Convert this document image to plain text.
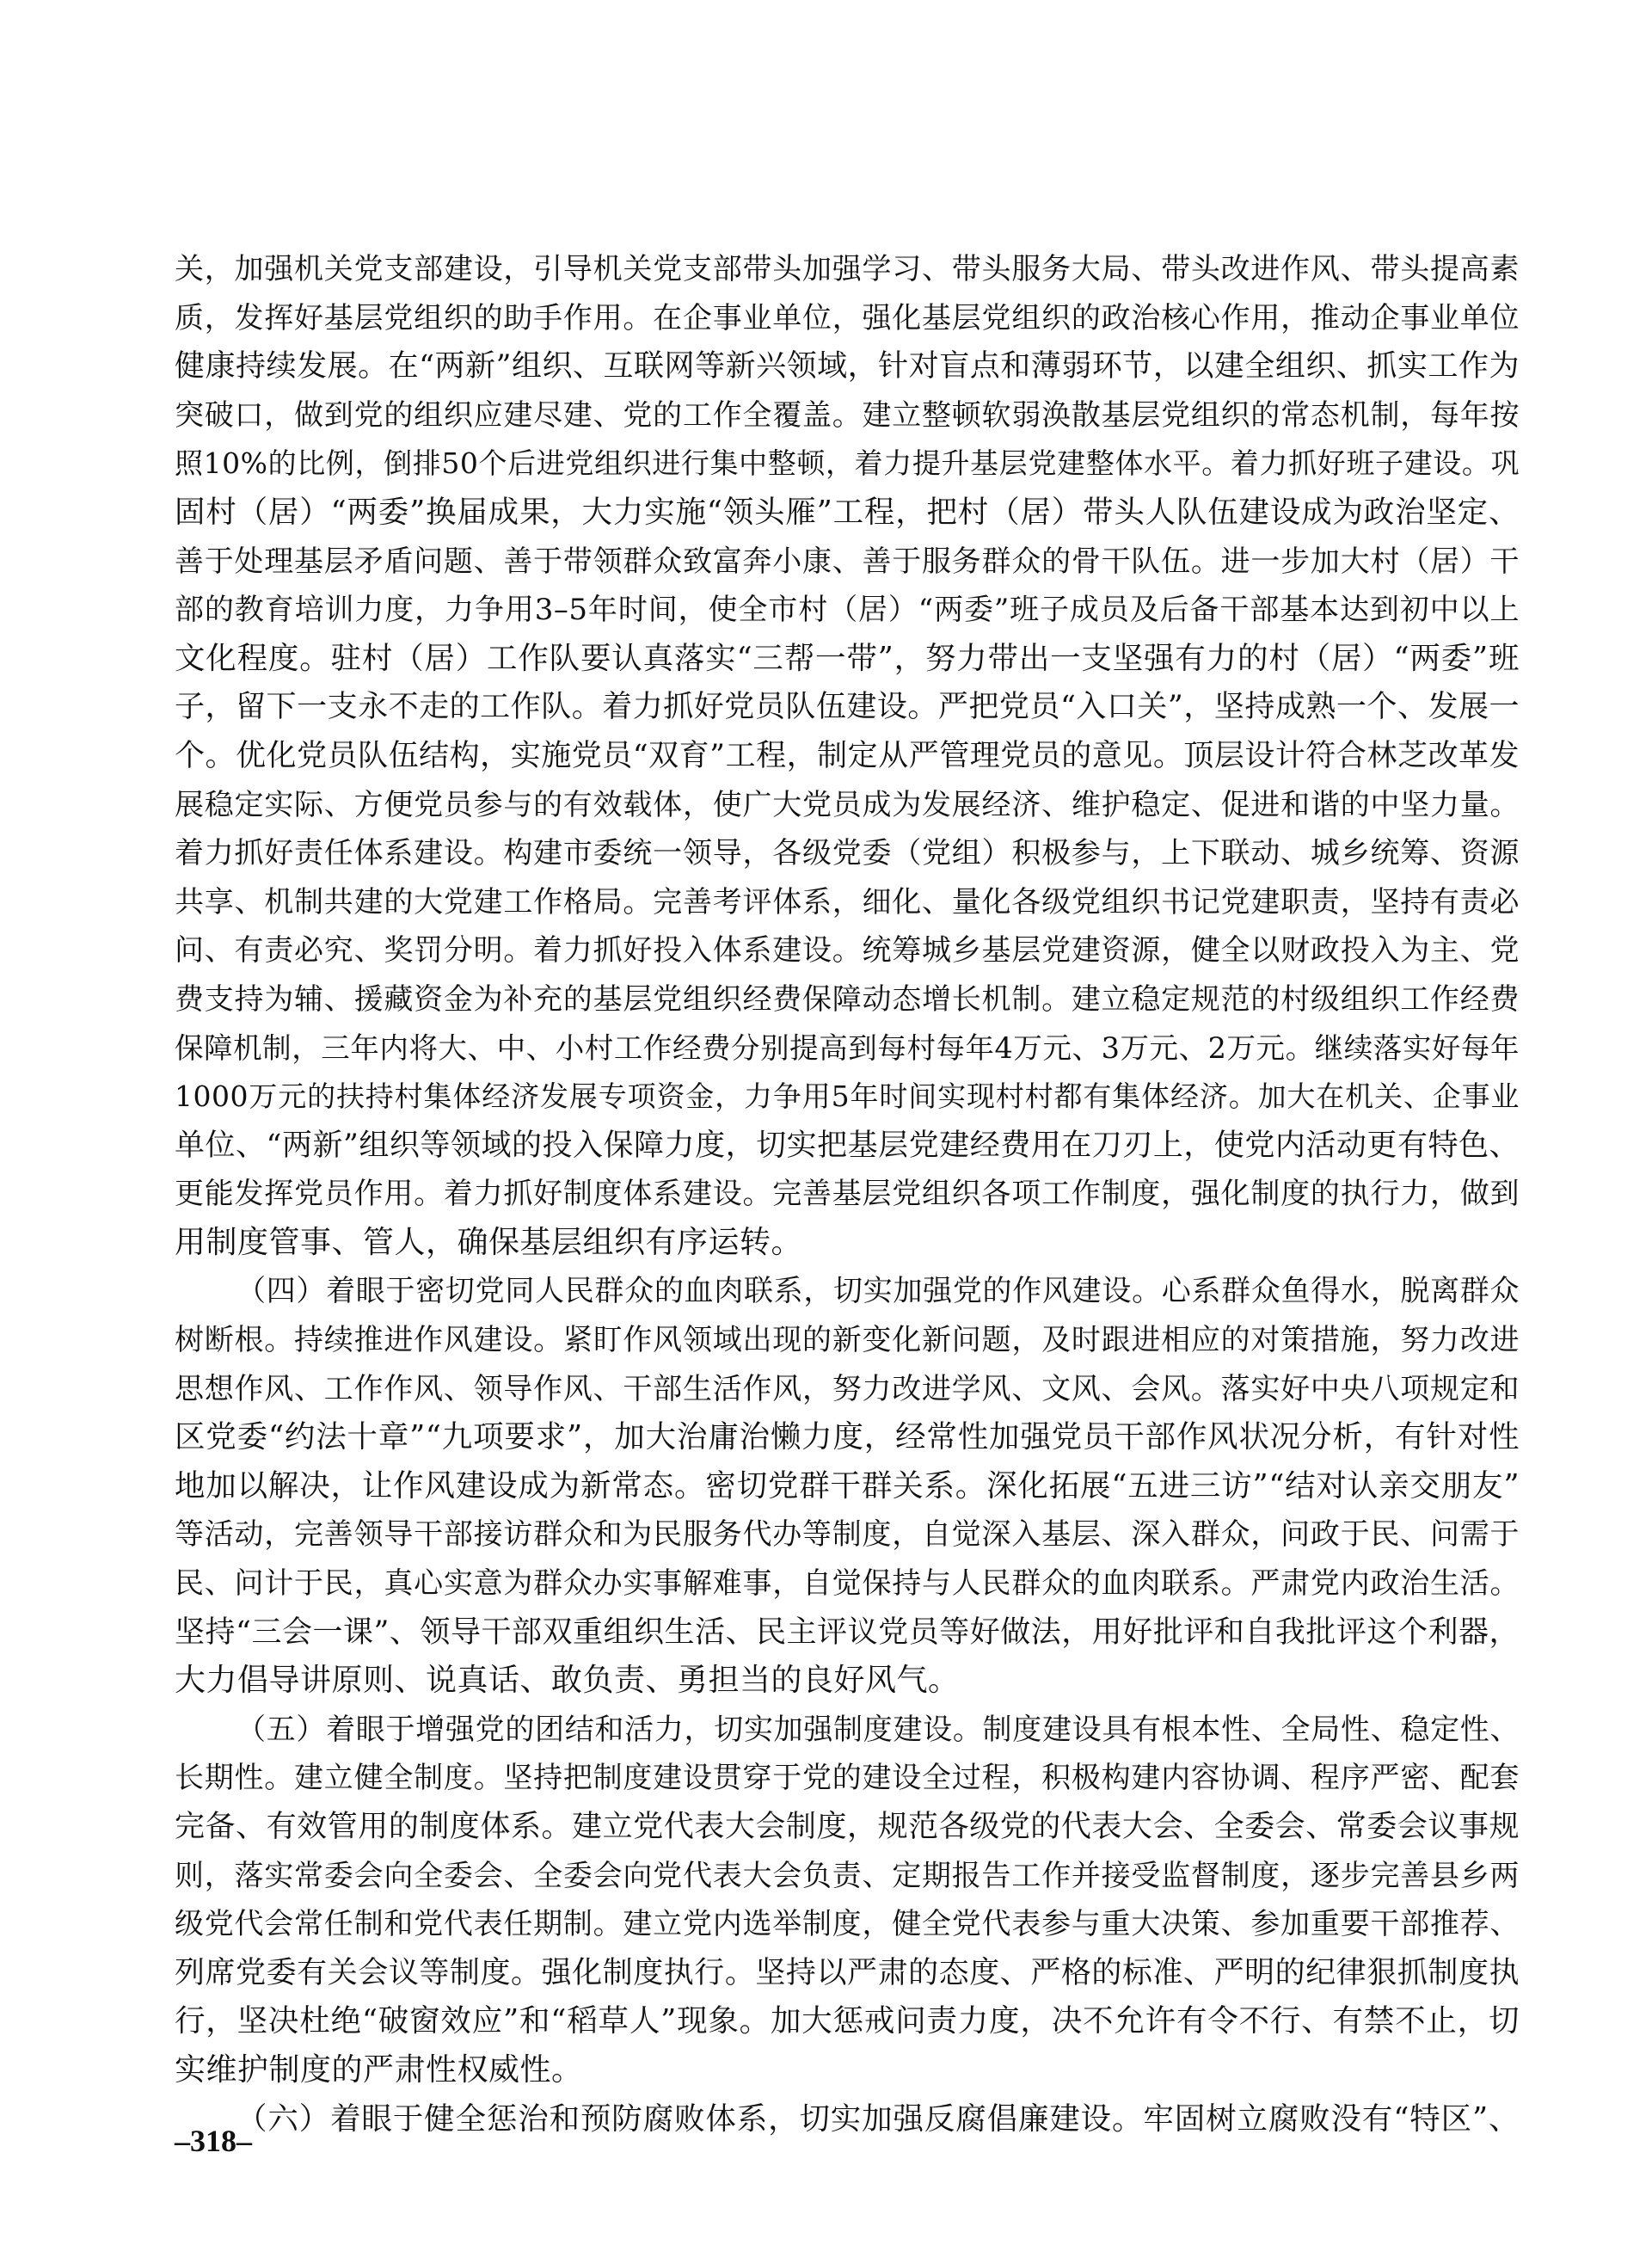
关，加强机关党支部建设，引导机关党支部带头加强学习、带头服务大局、带头改进作风、带头提高素
质，发挥好基层党组织的助手作用。在企事业单位，强化基层党组织的政治核心作用，推动企事业单位
健康持续发展。在“两新”组织、互联网等新兴领域，针对盲点和薄弱环节，以建全组织、抓实工作为
突破口，做到党的组织应建尽建、党的工作全覆盖。建立整顿软弱涣散基层党组织的常态机制，每年按
照10%的比例，倒排50个后进党组织进行集中整顿，着力提升基层党建整体水平。着力抓好班子建设。巩
固村（居）“两委”换届成果，大力实施“领头雁”工程，把村（居）带头人队伍建设成为政治坚定、
善于处理基层矛盾问题、善于带领群众致富奔小康、善于服务群众的骨干队伍。进一步加大村（居）干
部的教育培训力度，力争用3–5年时间，使全市村（居）“两委”班子成员及后备干部基本达到初中以上
文化程度。驻村（居）工作队要认真落实“三帮一带”，努力带出一支坚强有力的村（居）“两委”班
子，留下一支永不走的工作队。着力抓好党员队伍建设。严把党员“入口关”，坚持成熟一个、发展一
个。优化党员队伍结构，实施党员“双育”工程，制定从严管理党员的意见。顶层设计符合林芝改革发
展稳定实际、方便党员参与的有效载体，使广大党员成为发展经济、维护稳定、促进和谐的中坚力量。
着力抓好责任体系建设。构建市委统一领导，各级党委（党组）积极参与，上下联动、城乡统筹、资源
共享、机制共建的大党建工作格局。完善考评体系，细化、量化各级党组织书记党建职责，坚持有责必
问、有责必究、奖罚分明。着力抓好投入体系建设。统筹城乡基层党建资源，健全以财政投入为主、党
费支持为辅、援藏资金为补充的基层党组织经费保障动态增长机制。建立稳定规范的村级组织工作经费
保障机制，三年内将大、中、小村工作经费分别提高到每村每年4万元、3万元、2万元。继续落实好每年
1000万元的扶持村集体经济发展专项资金，力争用5年时间实现村村都有集体经济。加大在机关、企事业
单位、“两新”组织等领域的投入保障力度，切实把基层党建经费用在刀刃上，使党内活动更有特色、
更能发挥党员作用。着力抓好制度体系建设。完善基层党组织各项工作制度，强化制度的执行力，做到
用制度管事、管人，确保基层组织有序运转。
（四）着眼于密切党同人民群众的血肉联系，切实加强党的作风建设。心系群众鱼得水，脱离群众
树断根。持续推进作风建设。紧盯作风领域出现的新变化新问题，及时跟进相应的对策措施，努力改进
思想作风、工作作风、领导作风、干部生活作风，努力改进学风、文风、会风。落实好中央八项规定和
区党委“约法十章”“九项要求”，加大治庸治懒力度，经常性加强党员干部作风状况分析，有针对性
地加以解决，让作风建设成为新常态。密切党群干群关系。深化拓展“五进三访”“结对认亲交朋友”
等活动，完善领导干部接访群众和为民服务代办等制度，自觉深入基层、深入群众，问政于民、问需于
民、问计于民，真心实意为群众办实事解难事，自觉保持与人民群众的血肉联系。严肃党内政治生活。
坚持“三会一课”、领导干部双重组织生活、民主评议党员等好做法，用好批评和自我批评这个利器，
大力倡导讲原则、说真话、敢负责、勇担当的良好风气。
（五）着眼于增强党的团结和活力，切实加强制度建设。制度建设具有根本性、全局性、稳定性、
长期性。建立健全制度。坚持把制度建设贯穿于党的建设全过程，积极构建内容协调、程序严密、配套
完备、有效管用的制度体系。建立党代表大会制度，规范各级党的代表大会、全委会、常委会议事规
则，落实常委会向全委会、全委会向党代表大会负责、定期报告工作并接受监督制度，逐步完善县乡两
级党代会常任制和党代表任期制。建立党内选举制度，健全党代表参与重大决策、参加重要干部推荐、
列席党委有关会议等制度。强化制度执行。坚持以严肃的态度、严格的标准、严明的纪律狠抓制度执
行，坚决杜绝“破窗效应”和“稻草人”现象。加大惩戒问责力度，决不允许有令不行、有禁不止，切
实维护制度的严肃性权威性。
（六）着眼于健全惩治和预防腐败体系，切实加强反腐倡廉建设。牢固树立腐败没有“特区”、
–318–
